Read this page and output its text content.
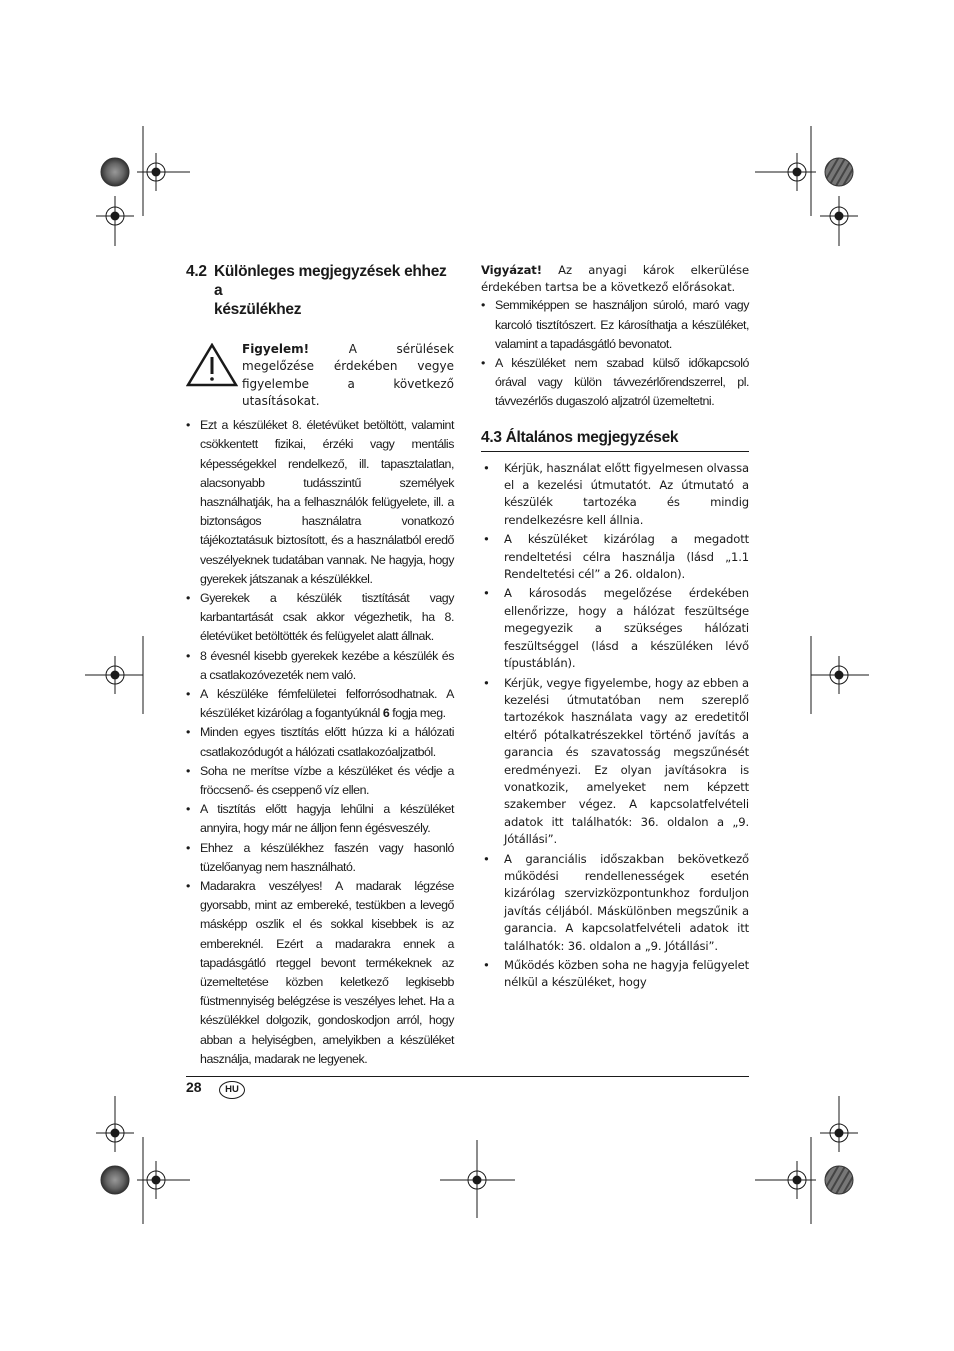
4.2 Különleges megjegyzések ehhez a
készülékhez
Figyelem!	A sérülések megelőzése érdekében vegye figyelembe a következő utasításokat.
• Ezt a készüléket 8. életévüket betöltött, valamint csökkentett fizikai, érzéki vagy mentális képességekkel rendelkező, ill. tapasztalatlan, alacsonyabb tudásszintű személyek használhatják, ha a felhasználók felügyelete, ill. a biztonságos használatra vonatkozó tájékoztatásuk biztosított, és a használatból eredő veszélyeknek tudatában vannak. Ne hagyja, hogy gyerekek játszanak a készülékkel.
• Gyerekek a készülék tisztítását vagy karbantartását csak akkor végezhetik, ha 8. életévüket betöltötték és felügyelet alatt állnak.
• 8 évesnél kisebb gyerekek kezébe a készülék és a csatlakozóvezeték nem való.
• A készüléke fémfelületei felforrósodhatnak. A készüléket kizárólag a fogantyúknál 6 fogja meg.
• Minden egyes tisztítás előtt húzza ki a hálózati csatlakozódugót a hálózati csatlakozóaljzatból.
• Soha ne merítse vízbe a készüléket és védje a fröccsenő- és cseppenő víz ellen.
• A tisztítás előtt hagyja lehűlni a készüléket annyira, hogy már ne álljon fenn égésveszély.
• Ehhez a készülékhez faszén vagy hasonló tüzelőanyag nem használható.
• Madarakra veszélyes! A madarak légzése gyorsabb, mint az embereké, testükben a levegő másképp oszlik el és sokkal kisebbek is az embereknél. Ezért a madarakra ennek a tapadásgátló rteggel bevont termékeknek az üzemeltetése közben keletkező legkisebb füstmennyiség belégzése is veszélyes lehet. Ha a készülékkel dolgozik, gondoskodjon arról, hogy abban a helyiségben, amelyikben a készüléket használja, madarak ne legyenek.

Vigyázat! Az anyagi károk elkerülése érdekében tartsa be a következő előrásokat.

• Semmiképpen se használjon súroló, maró vagy karcoló tisztítószert. Ez károsíthatja a készüléket, valamint a tapadásgátló bevonatot.
• A készüléket nem szabad külső időkapcsoló órával vagy külön távvezérlőrendszerrel, pl. távvezérlős dugaszoló aljzatról üzemeltetni.
4.3 Általános megjegyzések
• Kérjük, használat előtt figyelmesen olvassa el a kezelési útmutatót. Az útmutató a készülék tartozéka és mindig rendelkezésre kell állnia.
• A készüléket kizárólag a megadott rendeltetési célra használja (lásd „1.1 Rendeltetési cél” a 26. oldalon).
• A károsodás megelőzése érdekében ellenőrizze, hogy a hálózat feszültsége megegyezik a szükséges hálózati feszültséggel (lásd a készüléken lévő típustáblán).
• Kérjük, vegye figyelembe, hogy az ebben a kezelési útmutatóban nem szereplő tartozékok használata vagy az eredetitől eltérő pótalkatrészekkel történő javítás a garancia és szavatosság megszűnését eredményezi. Ez olyan javításokra is vonatkozik, amelyeket nem képzett szakember végez. A kapcsolatfelvételi adatok itt találhatók: 36. oldalon a „9. Jótállási”.
• A garanciális időszakban bekövetkező működési rendellenességek esetén kizárólag szervizközpontunkhoz forduljon javítás céljából. Máskülönben megszűnik a garancia. A kapcsolatfelvételi adatok itt találhatók: 36. oldalon a „9. Jótállási”.
• Működés közben soha ne hagyja felügyelet nélkül a készüléket, hogy
28	HU
